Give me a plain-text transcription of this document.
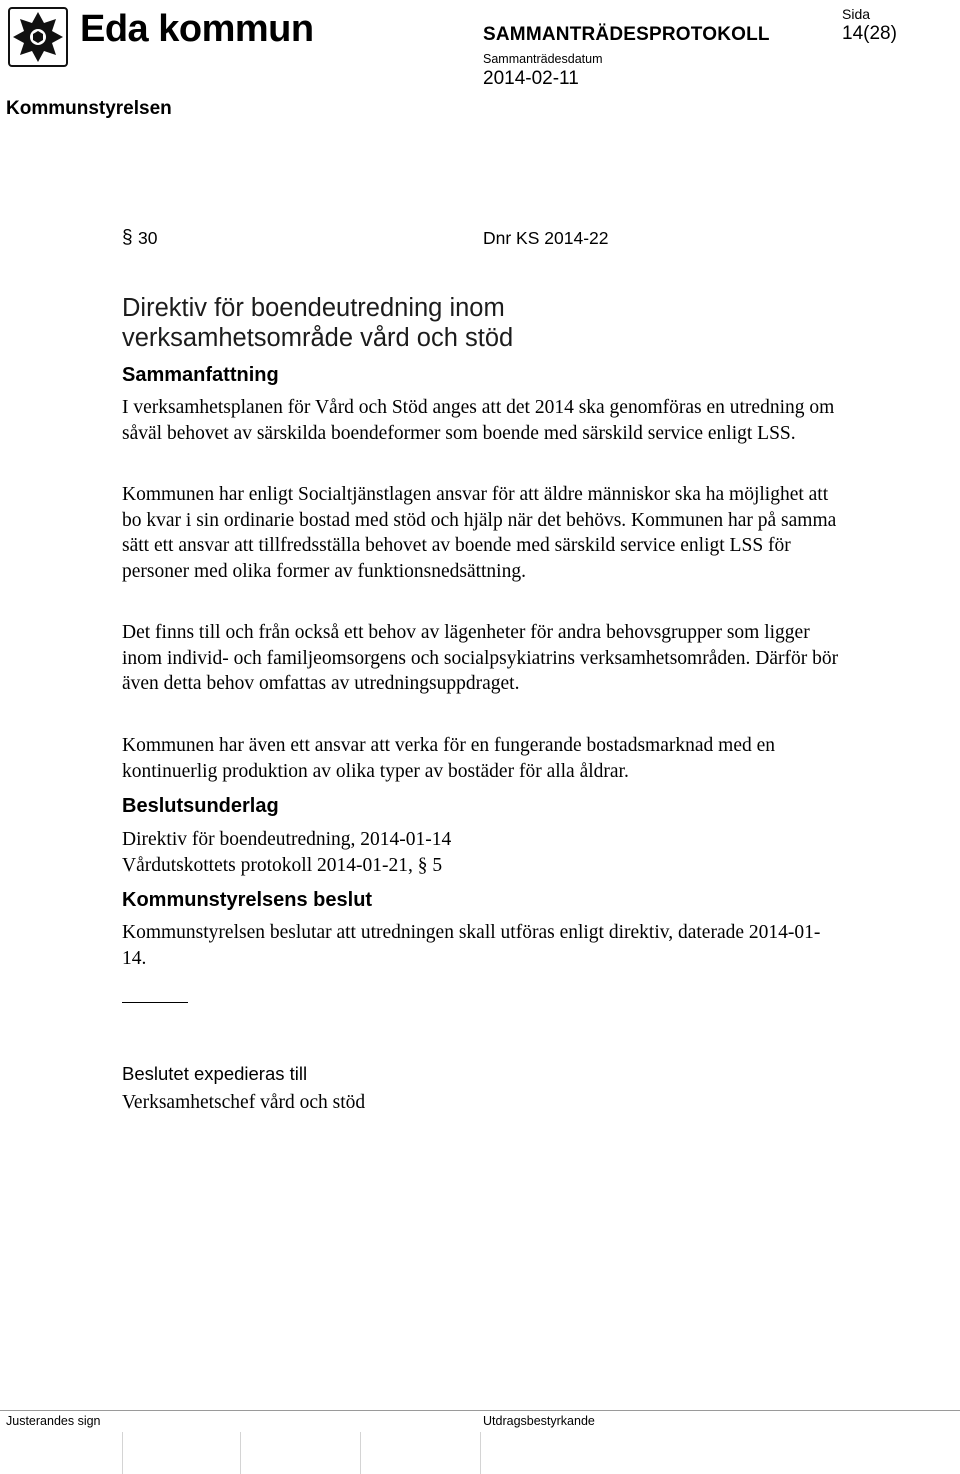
Eda kommun
Kommunstyrelsen
SAMMANTRÄDESPROTOKOLL
Sammanträdesdatum
2014-02-11
Sida
14(28)
§ 30	Dnr KS 2014-22
Direktiv för boendeutredning inom
verksamhetsområde vård och stöd
Sammanfattning
I verksamhetsplanen för Vård och Stöd anges att det 2014 ska genomföras en utredning om såväl behovet av särskilda boendeformer som boende med särskild service enligt LSS.
Kommunen har enligt Socialtjänstlagen ansvar för att äldre människor ska ha möjlighet att bo kvar i sin ordinarie bostad med stöd och hjälp när det behövs. Kommunen har på samma sätt ett ansvar att tillfredsställa behovet av boende med särskild service enligt LSS för personer med olika former av funktionsnedsättning.
Det finns till och från också ett behov av lägenheter för andra behovsgrupper som ligger inom individ- och familjeomsorgens och socialpsykiatrins verksamhetsområden. Därför bör även detta behov omfattas av utredningsuppdraget.
Kommunen har även ett ansvar att verka för en fungerande bostadsmarknad med en kontinuerlig produktion av olika typer av bostäder för alla åldrar.
Beslutsunderlag
Direktiv för boendeutredning, 2014-01-14
Vårdutskottets protokoll 2014-01-21, § 5
Kommunstyrelsens beslut
Kommunstyrelsen beslutar att utredningen skall utföras enligt direktiv, daterade 2014-01-14.
Beslutet expedieras till
Verksamhetschef vård och stöd
Justerandes sign	Utdragsbestyrkande
